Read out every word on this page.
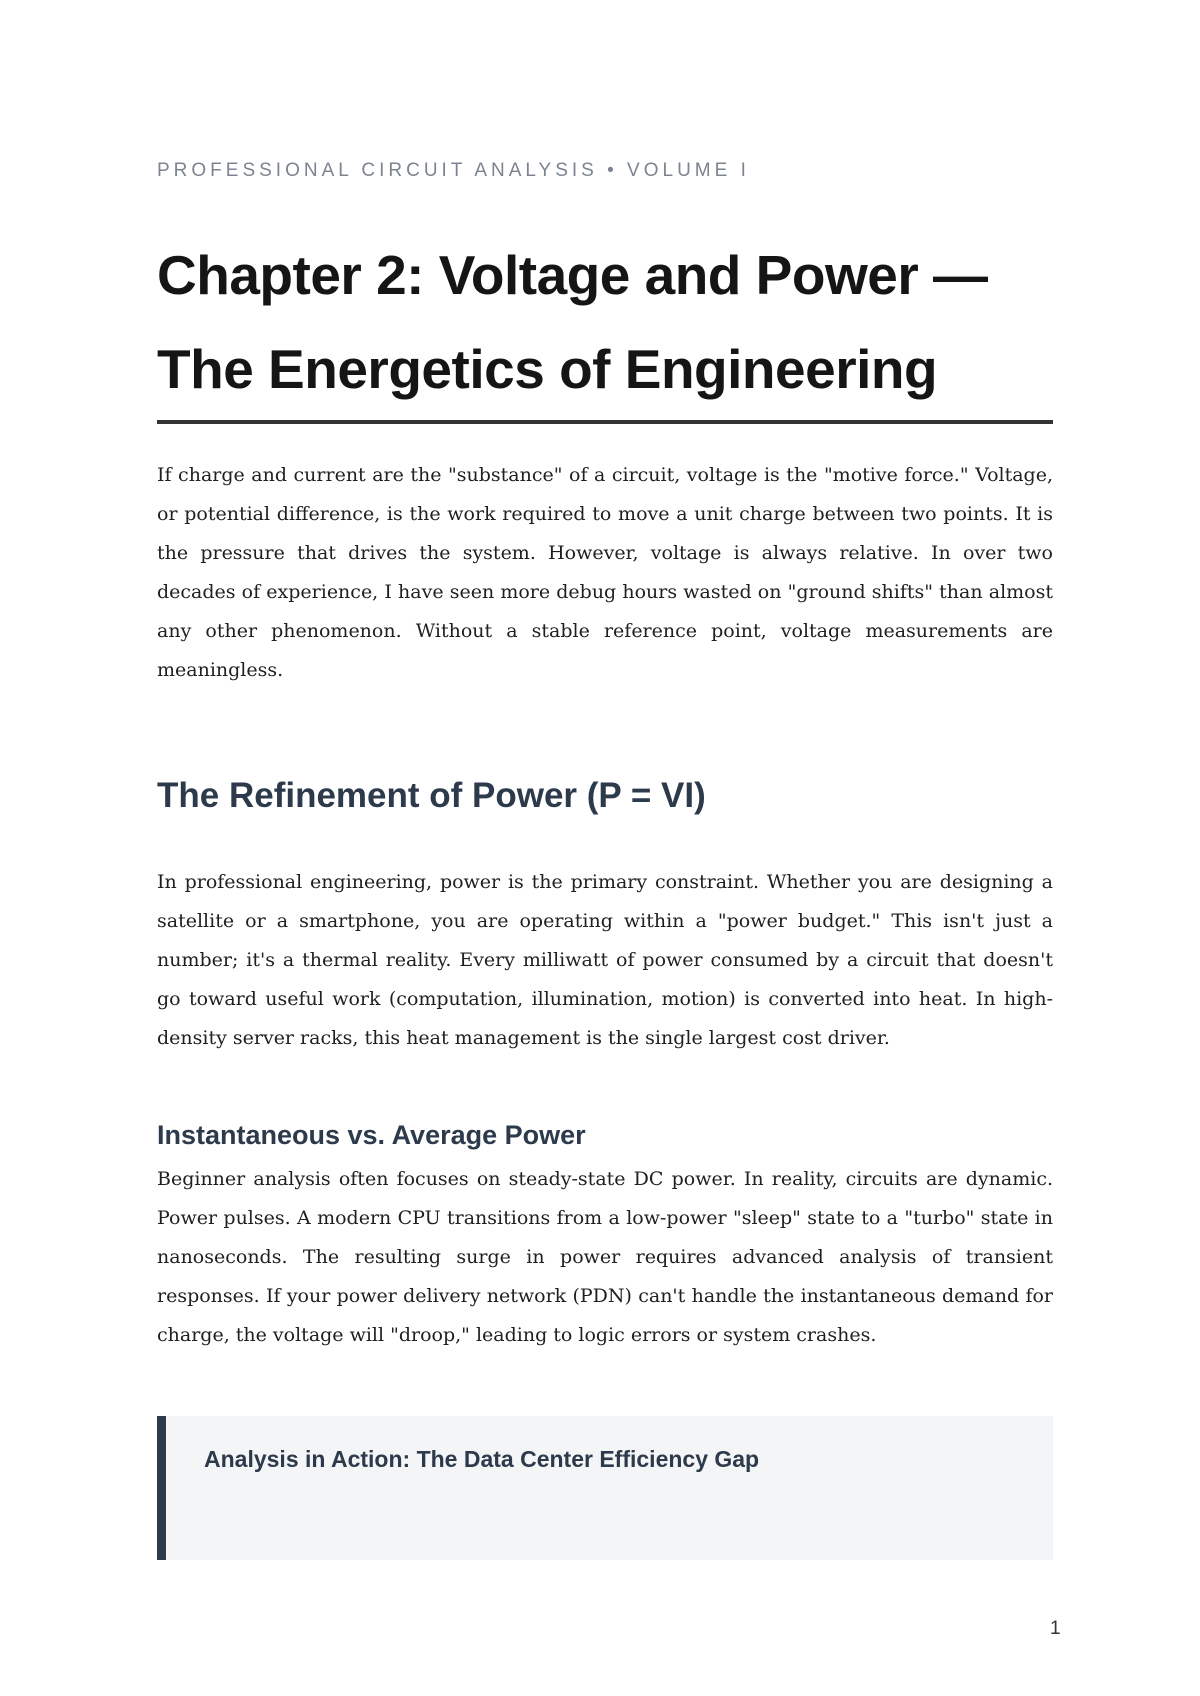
PROFESSIONAL CIRCUIT ANALYSIS • VOLUME I
Chapter 2: Voltage and Power — The Energetics of Engineering

If charge and current are the "substance" of a circuit, voltage is the "motive force." Voltage, or potential difference, is the work required to move a unit charge between two points. It is the pressure that drives the system. However, voltage is always relative. In over two decades of experience, I have seen more debug hours wasted on "ground shifts" than almost any other phenomenon. Without a stable reference point, voltage measurements are meaningless.

The Refinement of Power (P = VI)

In professional engineering, power is the primary constraint. Whether you are designing a satellite or a smartphone, you are operating within a "power budget." This isn't just a number; it's a thermal reality. Every milliwatt of power consumed by a circuit that doesn't go toward useful work (computation, illumination, motion) is converted into heat. In high-density server racks, this heat management is the single largest cost driver.

Instantaneous vs. Average Power

Beginner analysis often focuses on steady-state DC power. In reality, circuits are dynamic. Power pulses. A modern CPU transitions from a low-power "sleep" state to a "turbo" state in nanoseconds. The resulting surge in power requires advanced analysis of transient responses. If your power delivery network (PDN) can't handle the instantaneous demand for charge, the voltage will "droop," leading to logic errors or system crashes.

Analysis in Action: The Data Center Efficiency Gap
1
